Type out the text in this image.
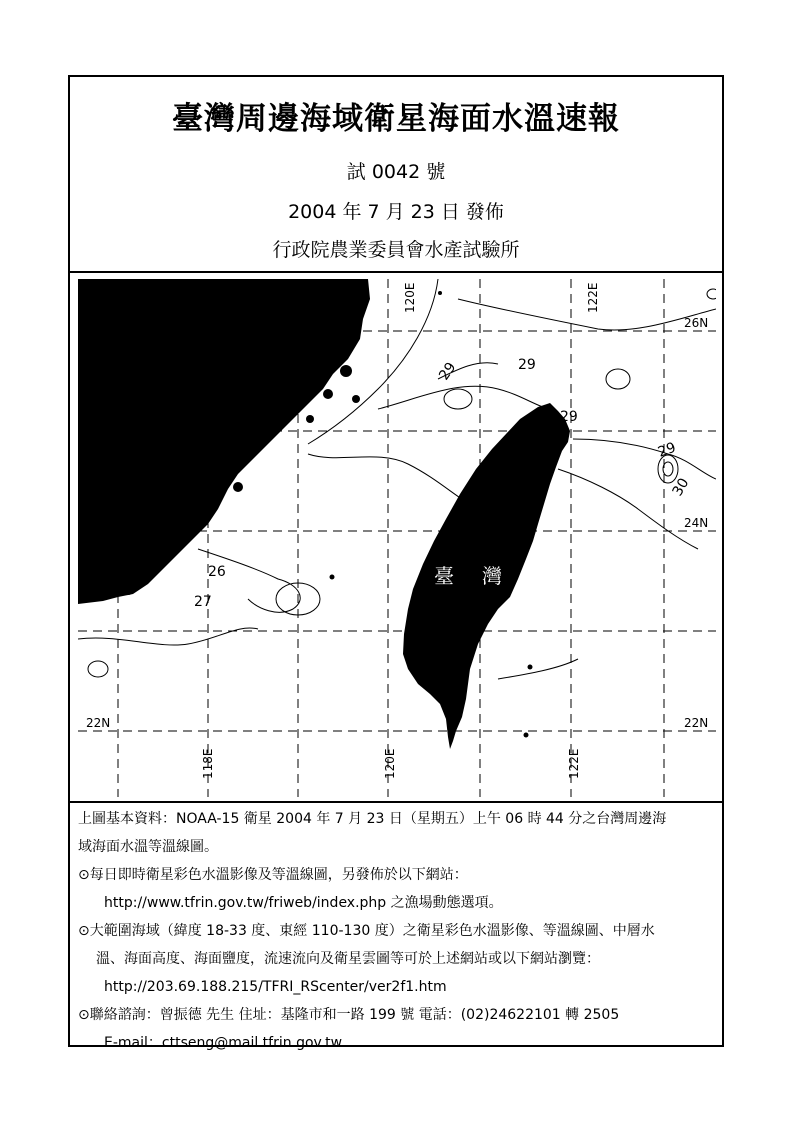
臺灣周邊海域衛星海面水溫速報
試 0042 號
2004 年 7 月 23 日 發佈
行政院農業委員會水產試驗所
29	29
29
29
30
26
27
26N
24N
22N	22N
120E	122E
118E	120E	122E
臺 灣
上圖基本資料：NOAA-15 衛星 2004 年 7 月 23 日（星期五）上午 06 時 44 分之台灣周邊海
域海面水溫等溫線圖。
⊙每日即時衛星彩色水溫影像及等溫線圖，另發佈於以下網站：
http://www.tfrin.gov.tw/friweb/index.php 之漁場動態選項。
⊙大範圍海域（緯度 18-33 度、東經 110-130 度）之衛星彩色水溫影像、等溫線圖、中層水
溫、海面高度、海面鹽度，流速流向及衛星雲圖等可於上述網站或以下網站瀏覽：
http://203.69.188.215/TFRI_RScenter/ver2f1.htm
⊙聯絡諮詢：曾振德 先生 住址：基隆市和一路 199 號 電話：(02)24622101 轉 2505
E-mail：cttseng@mail.tfrin.gov.tw
